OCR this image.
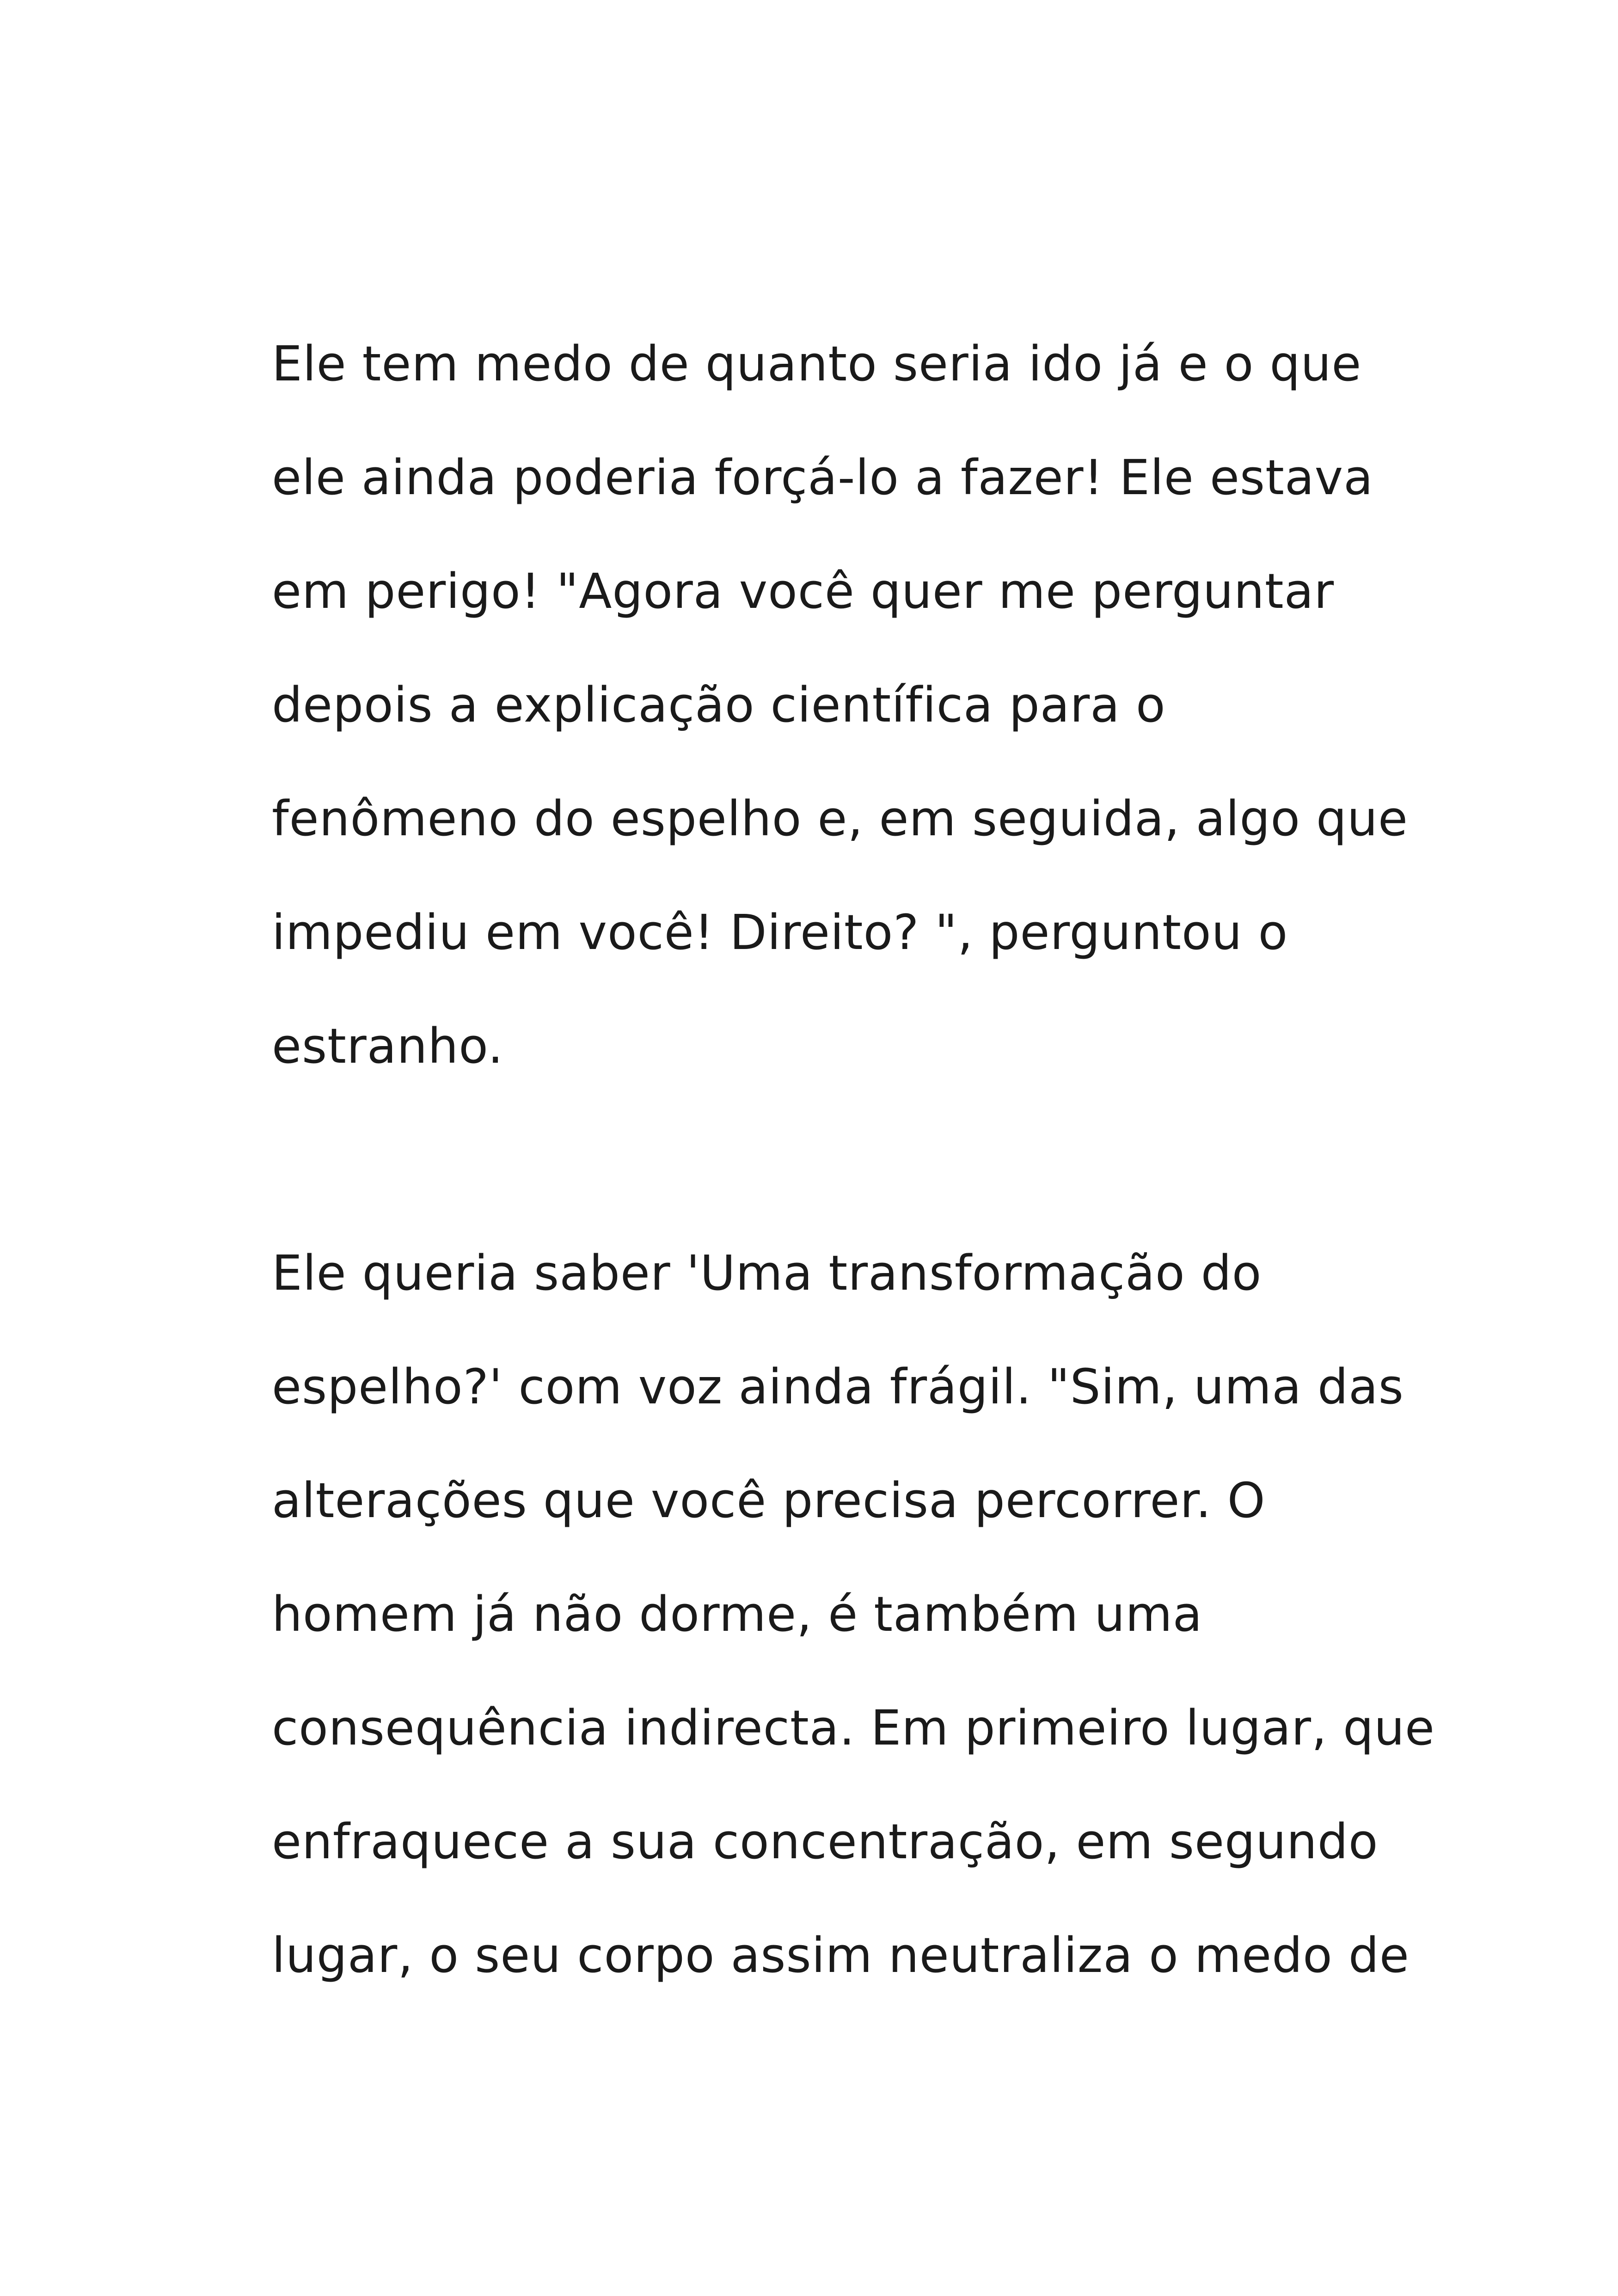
Ele tem medo de quanto seria ido já e o que
ele ainda poderia forçá-lo a fazer! Ele estava
em perigo! "Agora você quer me perguntar
depois a explicação científica para o
fenômeno do espelho e, em seguida, algo que
impediu em você! Direito? ", perguntou o
estranho.
Ele queria saber 'Uma transformação do
espelho?' com voz ainda frágil. "Sim, uma das
alterações que você precisa percorrer. O
homem já não dorme, é também uma
consequência indirecta. Em primeiro lugar, que
enfraquece a sua concentração, em segundo
lugar, o seu corpo assim neutraliza o medo de
